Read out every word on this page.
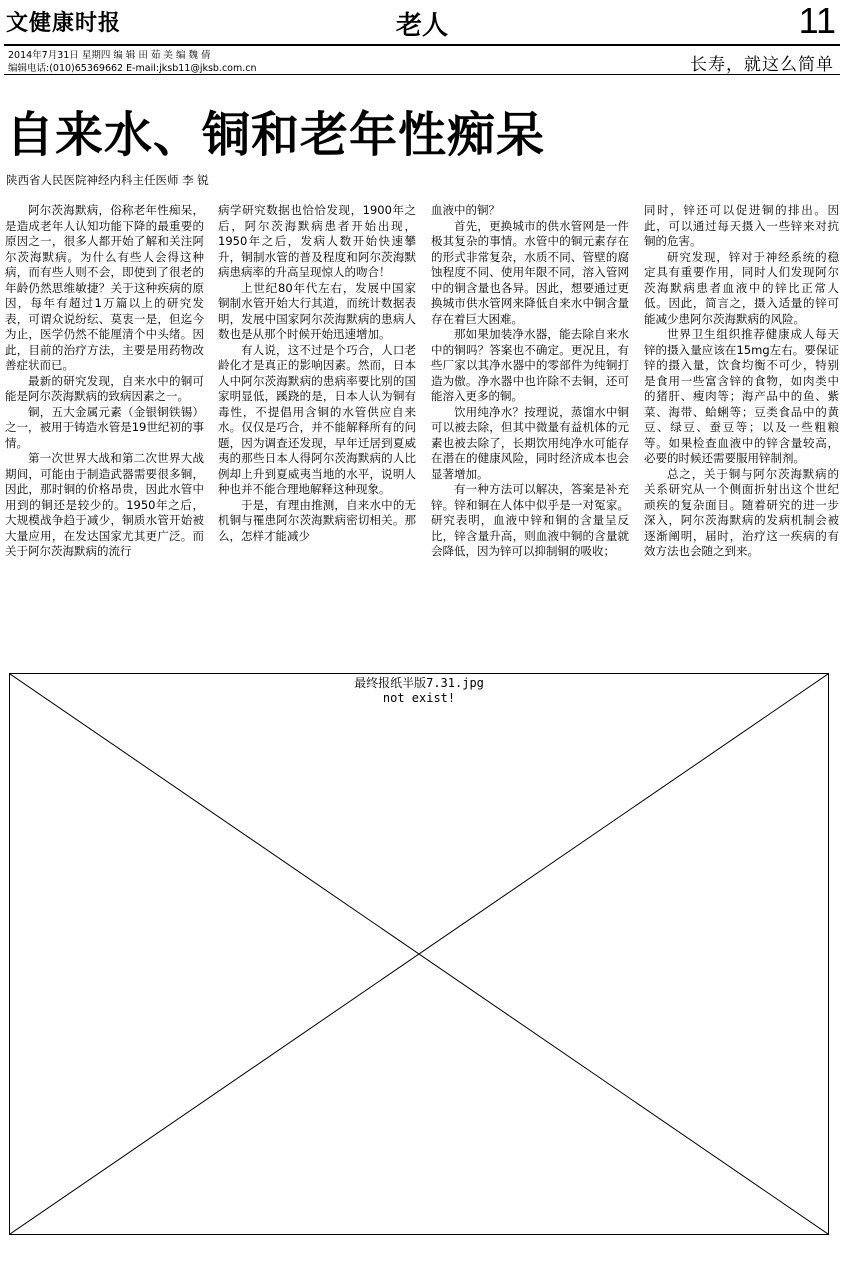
文健康时报	老人	11
2014年7月31日 星期四 编 辑 田 茹 美 编 魏 倩
编辑电话:(010)65369662 E-mail:jksb11@jksb.com.cn	长寿，就这么简单
自来水、铜和老年性痴呆
陕西省人民医院神经内科主任医师 李 锐

阿尔茨海默病，俗称老年性痴呆，是造成老年人认知功能下降的最重要的原因之一，很多人都开始了解和关注阿尔茨海默病。为什么有些人会得这种病，而有些人则不会，即使到了很老的年龄仍然思维敏捷？关于这种疾病的原因，每年有超过1万篇以上的研究发表，可谓众说纷纭、莫衷一是，但迄今为止，医学仍然不能厘清个中头绪。因此，目前的治疗方法，主要是用药物改善症状而已。

最新的研究发现，自来水中的铜可能是阿尔茨海默病的致病因素之一。

铜，五大金属元素（金银铜铁锡）之一，被用于铸造水管是19世纪初的事情。

第一次世界大战和第二次世界大战期间，可能由于制造武器需要很多铜，因此，那时铜的价格昂贵，因此水管中用到的铜还是较少的。1950年之后，大规模战争趋于减少，铜质水管开始被大量应用，在发达国家尤其更广泛。而关于阿尔茨海默病的流行

病学研究数据也恰恰发现，1900年之后，阿尔茨海默病患者开始出现，1950年之后，发病人数开始快速攀升，铜制水管的普及程度和阿尔茨海默病患病率的升高呈现惊人的吻合！

上世纪80年代左右，发展中国家铜制水管开始大行其道，而统计数据表明，发展中国家阿尔茨海默病的患病人数也是从那个时候开始迅速增加。

有人说，这不过是个巧合，人口老龄化才是真正的影响因素。然而，日本人中阿尔茨海默病的患病率要比别的国家明显低，蹊跷的是，日本人认为铜有毒性，不提倡用含铜的水管供应自来水。仅仅是巧合，并不能解释所有的问题，因为调查还发现，早年迁居到夏威夷的那些日本人得阿尔茨海默病的人比例却上升到夏威夷当地的水平，说明人种也并不能合理地解释这种现象。

于是，有理由推测，自来水中的无机铜与罹患阿尔茨海默病密切相关。那么，怎样才能减少

血液中的铜？

首先，更换城市的供水管网是一件极其复杂的事情。水管中的铜元素存在的形式非常复杂，水质不同、管壁的腐蚀程度不同、使用年限不同，溶入管网中的铜含量也各异。因此，想要通过更换城市供水管网来降低自来水中铜含量存在着巨大困难。

那如果加装净水器，能去除自来水中的铜吗？答案也不确定。更况且，有些厂家以其净水器中的零部件为纯铜打造为傲。净水器中也许除不去铜，还可能溶入更多的铜。

饮用纯净水？按理说，蒸馏水中铜可以被去除，但其中微量有益机体的元素也被去除了，长期饮用纯净水可能存在潜在的健康风险，同时经济成本也会显著增加。

有一种方法可以解决，答案是补充锌。锌和铜在人体中似乎是一对冤家。研究表明，血液中锌和铜的含量呈反比，锌含量升高，则血液中铜的含量就会降低，因为锌可以抑制铜的吸收；

同时，锌还可以促进铜的排出。因此，可以通过每天摄入一些锌来对抗铜的危害。

研究发现，锌对于神经系统的稳定具有重要作用，同时人们发现阿尔茨海默病患者血液中的锌比正常人低。因此，简言之，摄入适量的锌可能减少患阿尔茨海默病的风险。

世界卫生组织推荐健康成人每天锌的摄入量应该在15mg左右。要保证锌的摄入量，饮食均衡不可少，特别是食用一些富含锌的食物，如肉类中的猪肝、瘦肉等；海产品中的鱼、紫菜、海带、蛤蜊等；豆类食品中的黄豆、绿豆、蚕豆等；以及一些粗粮等。如果检查血液中的锌含量较高，必要的时候还需要服用锌制剂。

总之，关于铜与阿尔茨海默病的关系研究从一个侧面折射出这个世纪顽疾的复杂面目。随着研究的进一步深入，阿尔茨海默病的发病机制会被逐渐阐明，届时，治疗这一疾病的有效方法也会随之到来。

最终报纸半版7.31.jpg
not exist!
